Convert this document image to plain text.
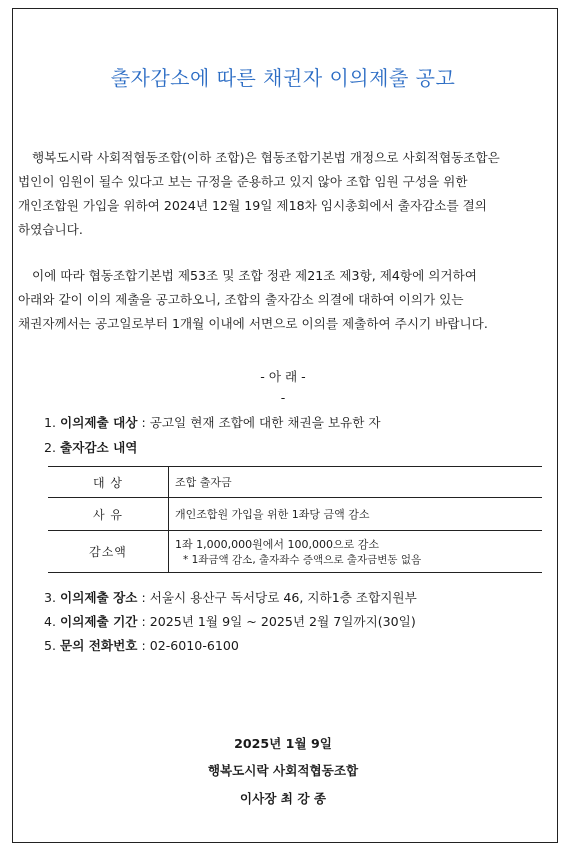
출자감소에 따른 채권자 이의제출 공고
행복도시락 사회적협동조합(이하 조합)은 협동조합기본법 개정으로 사회적협동조합은
법인이 임원이 될수 있다고 보는 규정을 준용하고 있지 않아 조합 임원 구성을 위한
개인조합원 가입을 위하여 2024년 12월 19일 제18차 임시총회에서 출자감소를 결의
하였습니다.
이에 따라 협동조합기본법 제53조 및 조합 정관 제21조 제3항, 제4항에 의거하여
아래와 같이 이의 제출을 공고하오니, 조합의 출자감소 의결에 대하여 이의가 있는
채권자께서는 공고일로부터 1개월 이내에 서면으로 이의를 제출하여 주시기 바랍니다.
- 아 래 -
-
1. 이의제출 대상 : 공고일 현재 조합에 대한 채권을 보유한 자
2. 출자감소 내역
대 상	조합 출자금
사 유	개인조합원 가입을 위한 1좌당 금액 감소
감소액	1좌 1,000,000원에서 100,000으로 감소
* 1좌금액 감소, 출자좌수 증액으로 출자금변동 없음
3. 이의제출 장소 : 서울시 용산구 독서당로 46, 지하1층 조합지원부
4. 이의제출 기간 : 2025년 1월 9일 ~ 2025년 2월 7일까지(30일)
5. 문의 전화번호 : 02-6010-6100
2025년 1월 9일
행복도시락 사회적협동조합
이사장 최 강 종
